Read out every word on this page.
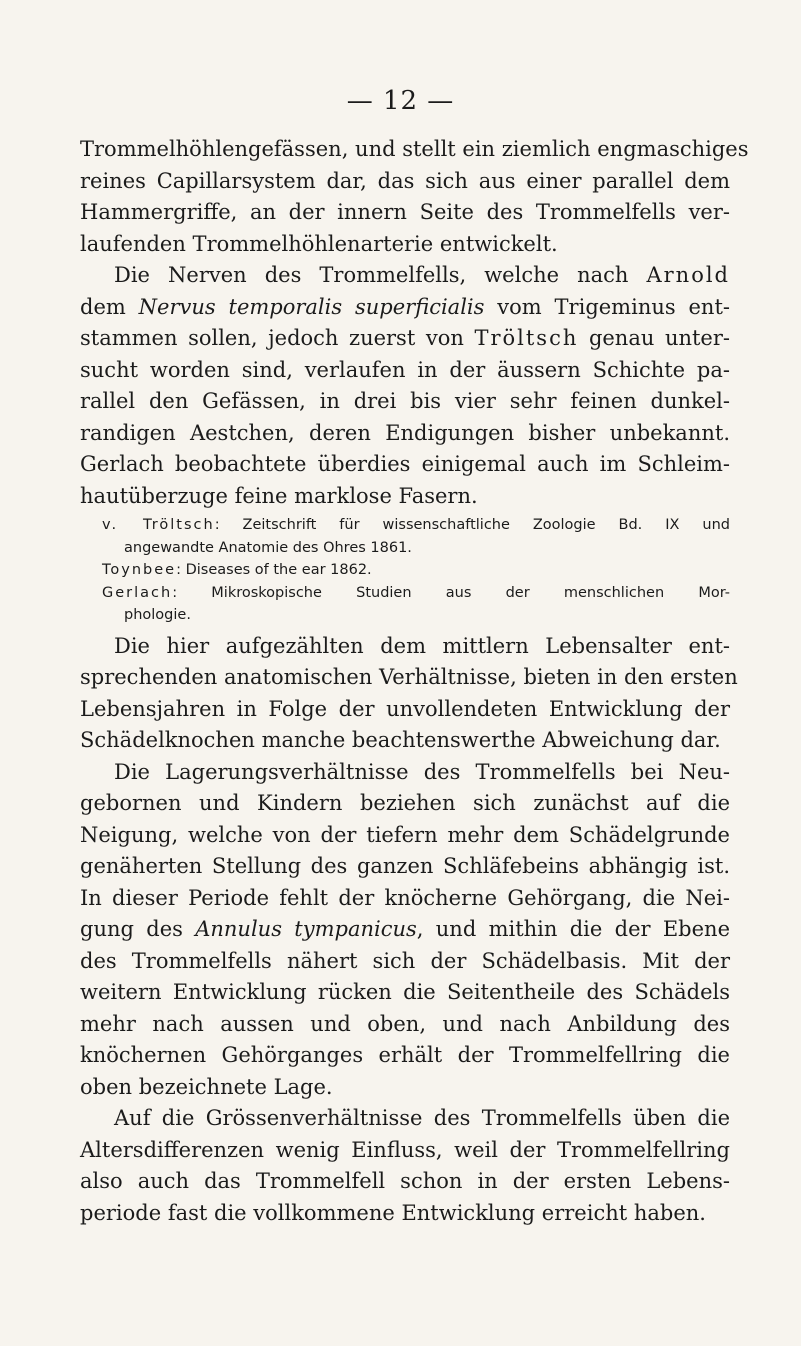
— 12 —
Trommelhöhlengefässen, und stellt ein ziemlich engmaschiges
reines Capillarsystem dar, das sich aus einer parallel dem
Hammergriffe, an der innern Seite des Trommelfells ver-
laufenden Trommelhöhlenarterie entwickelt.
Die Nerven des Trommelfells, welche nach Arnold
dem Nervus temporalis superficialis vom Trigeminus ent-
stammen sollen, jedoch zuerst von Tröltsch genau unter-
sucht worden sind, verlaufen in der äussern Schichte pa-
rallel den Gefässen, in drei bis vier sehr feinen dunkel-
randigen Aestchen, deren Endigungen bisher unbekannt.
Gerlach beobachtete überdies einigemal auch im Schleim-
hautüberzuge feine marklose Fasern.
v. Tröltsch: Zeitschrift für wissenschaftliche Zoologie Bd. IX und
angewandte Anatomie des Ohres 1861.
Toynbee: Diseases of the ear 1862.
Gerlach: Mikroskopische Studien aus der menschlichen Mor-
phologie.
Die hier aufgezählten dem mittlern Lebensalter ent-
sprechenden anatomischen Verhältnisse, bieten in den ersten
Lebensjahren in Folge der unvollendeten Entwicklung der
Schädelknochen manche beachtenswerthe Abweichung dar.
Die Lagerungsverhältnisse des Trommelfells bei Neu-
gebornen und Kindern beziehen sich zunächst auf die
Neigung, welche von der tiefern mehr dem Schädelgrunde
genäherten Stellung des ganzen Schläfebeins abhängig ist.
In dieser Periode fehlt der knöcherne Gehörgang, die Nei-
gung des Annulus tympanicus, und mithin die der Ebene
des Trommelfells nähert sich der Schädelbasis. Mit der
weitern Entwicklung rücken die Seitentheile des Schädels
mehr nach aussen und oben, und nach Anbildung des
knöchernen Gehörganges erhält der Trommelfellring die
oben bezeichnete Lage.
Auf die Grössenverhältnisse des Trommelfells üben die
Altersdifferenzen wenig Einfluss, weil der Trommelfellring
also auch das Trommelfell schon in der ersten Lebens-
periode fast die vollkommene Entwicklung erreicht haben.
